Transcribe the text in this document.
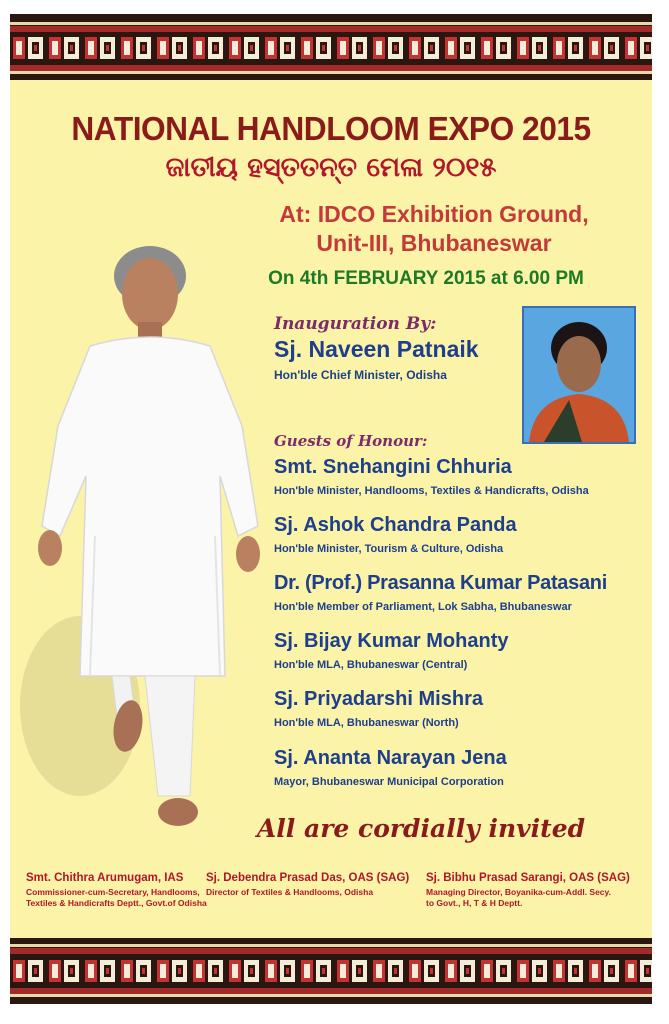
NATIONAL HANDLOOM EXPO 2015
ଜାତୀୟ ହସ୍ତତନ୍ତ ମେଳା ୨୦୧୫
At: IDCO Exhibition Ground,
Unit-III, Bhubaneswar
On 4th FEBRUARY 2015 at 6.00 PM
Inauguration By:
Sj. Naveen Patnaik
Hon'ble Chief Minister, Odisha
Guests of Honour:
Smt. Snehangini Chhuria
Hon'ble Minister, Handlooms, Textiles & Handicrafts, Odisha
Sj. Ashok Chandra Panda
Hon'ble Minister, Tourism & Culture, Odisha
Dr. (Prof.) Prasanna Kumar Patasani
Hon'ble Member of Parliament, Lok Sabha, Bhubaneswar
Sj. Bijay Kumar Mohanty
Hon'ble MLA, Bhubaneswar (Central)
Sj. Priyadarshi Mishra
Hon'ble MLA, Bhubaneswar (North)
Sj. Ananta Narayan Jena
Mayor, Bhubaneswar Municipal Corporation
All are cordially invited
Smt. Chithra Arumugam, IAS
Commissioner-cum-Secretary, Handlooms,
Textiles & Handicrafts Deptt., Govt.of Odisha
Sj. Debendra Prasad Das, OAS (SAG)
Director of Textiles & Handlooms, Odisha
Sj. Bibhu Prasad Sarangi, OAS (SAG)
Managing Director, Boyanika-cum-Addl. Secy.
to Govt., H, T & H Deptt.
